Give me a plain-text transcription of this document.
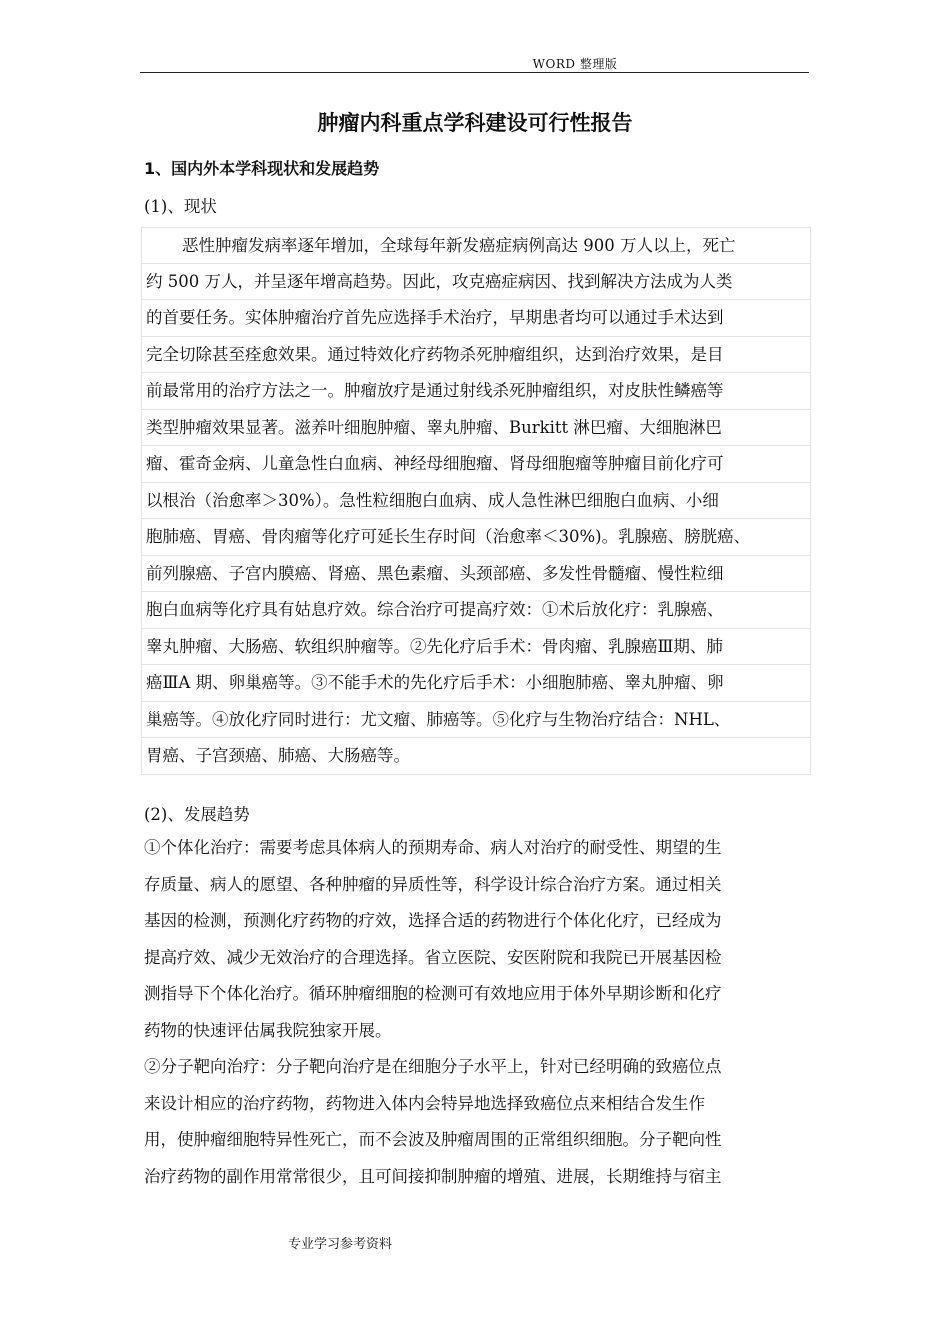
WORD 整理版
肿瘤内科重点学科建设可行性报告
1、国内外本学科现状和发展趋势
(1)、现状
恶性肿瘤发病率逐年增加，全球每年新发癌症病例高达 900 万人以上，死亡
约 500 万人，并呈逐年增高趋势。因此，攻克癌症病因、找到解决方法成为人类
的首要任务。实体肿瘤治疗首先应选择手术治疗，早期患者均可以通过手术达到
完全切除甚至痊愈效果。通过特效化疗药物杀死肿瘤组织，达到治疗效果，是目
前最常用的治疗方法之一。肿瘤放疗是通过射线杀死肿瘤组织，对皮肤性鳞癌等
类型肿瘤效果显著。滋养叶细胞肿瘤、睾丸肿瘤、Burkitt 淋巴瘤、大细胞淋巴
瘤、霍奇金病、儿童急性白血病、神经母细胞瘤、肾母细胞瘤等肿瘤目前化疗可
以根治（治愈率＞30%）。急性粒细胞白血病、成人急性淋巴细胞白血病、小细
胞肺癌、胃癌、骨肉瘤等化疗可延长生存时间（治愈率＜30%)。乳腺癌、膀胱癌、
前列腺癌、子宫内膜癌、肾癌、黑色素瘤、头颈部癌、多发性骨髓瘤、慢性粒细
胞白血病等化疗具有姑息疗效。综合治疗可提高疗效：①术后放化疗：乳腺癌、
睾丸肿瘤、大肠癌、软组织肿瘤等。②先化疗后手术：骨肉瘤、乳腺癌Ⅲ期、肺
癌ⅢA 期、卵巢癌等。③不能手术的先化疗后手术：小细胞肺癌、睾丸肿瘤、卵
巢癌等。④放化疗同时进行：尤文瘤、肺癌等。⑤化疗与生物治疗结合：NHL、
胃癌、子宫颈癌、肺癌、大肠癌等。
(2)、发展趋势
①个体化治疗：需要考虑具体病人的预期寿命、病人对治疗的耐受性、期望的生
存质量、病人的愿望、各种肿瘤的异质性等，科学设计综合治疗方案。通过相关
基因的检测，预测化疗药物的疗效，选择合适的药物进行个体化化疗，已经成为
提高疗效、减少无效治疗的合理选择。省立医院、安医附院和我院已开展基因检
测指导下个体化治疗。循环肿瘤细胞的检测可有效地应用于体外早期诊断和化疗
药物的快速评估属我院独家开展。
②分子靶向治疗：分子靶向治疗是在细胞分子水平上，针对已经明确的致癌位点
来设计相应的治疗药物，药物进入体内会特异地选择致癌位点来相结合发生作
用，使肿瘤细胞特异性死亡，而不会波及肿瘤周围的正常组织细胞。分子靶向性
治疗药物的副作用常常很少，且可间接抑制肿瘤的增殖、进展，长期维持与宿主
专业学习参考资料
